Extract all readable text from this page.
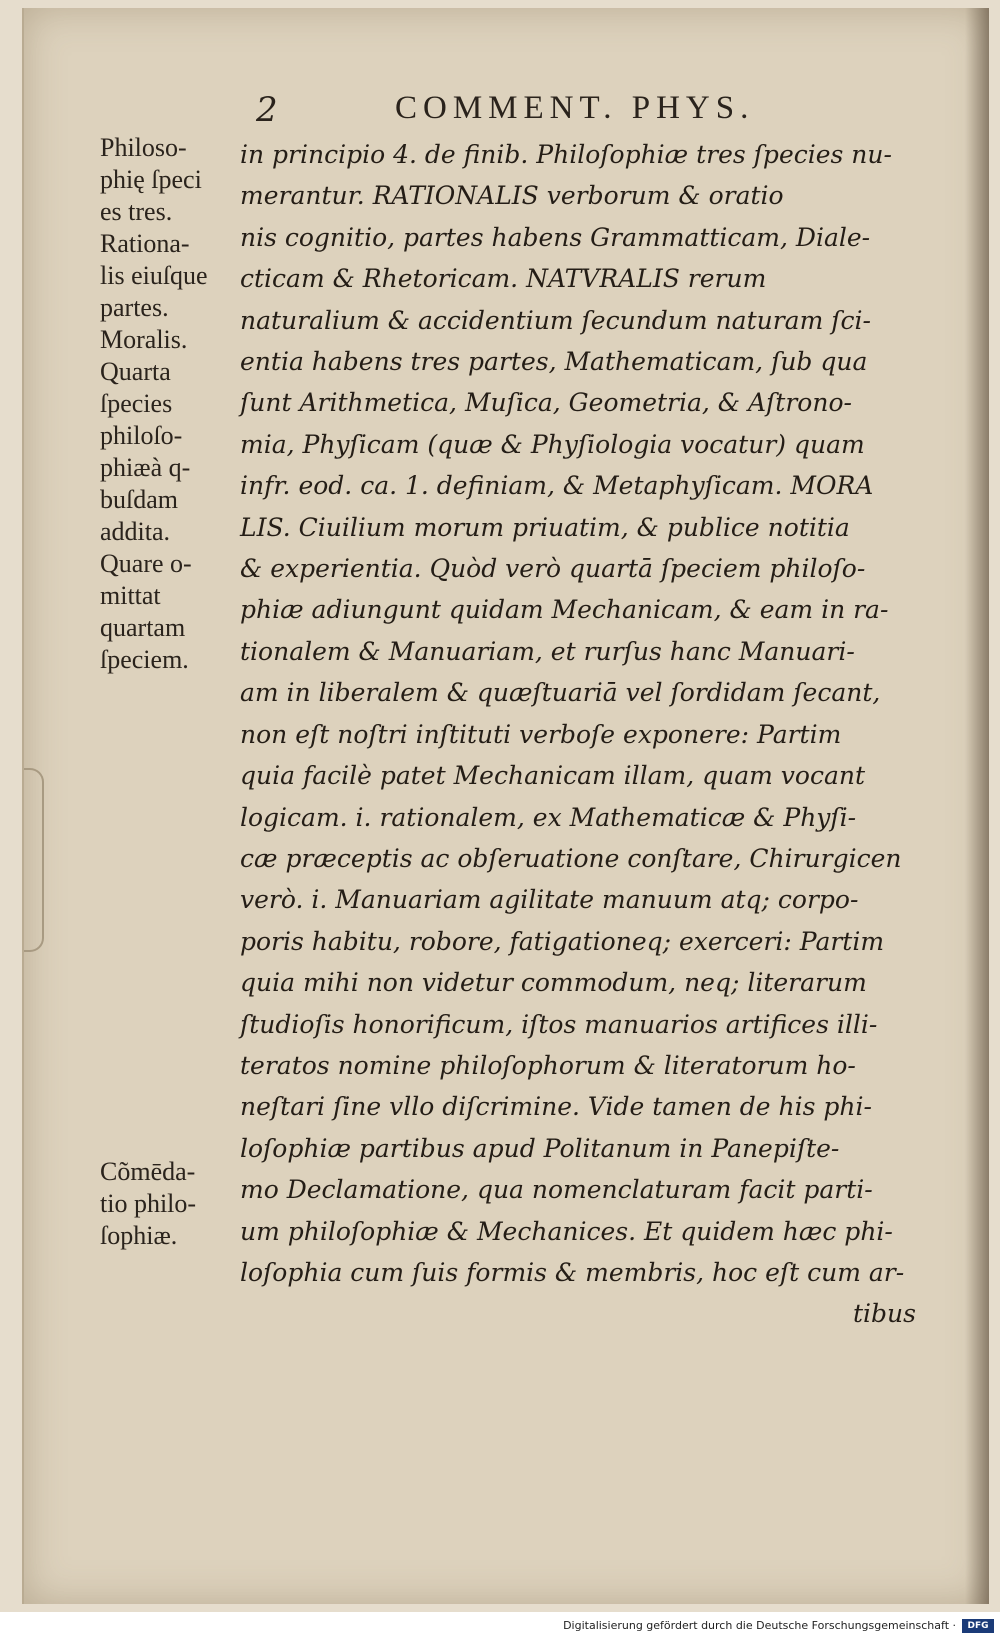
2	COMMENT. PHYS.
Philoso-
phię ſpeci
es tres.
Rationa-
lis eiuſque
partes.
Moralis.
Quarta
ſpecies
philoſo-
phiæà q-
buſdam
addita.
Quare o-
mittat
quartam
ſpeciem.
Cõmēda-
tio philo-
ſophiæ.
in principio 4. de finib. Philoſophiæ tres ſpecies nu-
merantur. RATIONALIS verborum & oratio
nis cognitio, partes habens Grammatticam, Diale-
cticam & Rhetoricam. NATVRALIS rerum
naturalium & accidentium ſecundum naturam ſci-
entia habens tres partes, Mathematicam, ſub qua
ſunt Arithmetica, Muſica, Geometria, & Aſtrono-
mia, Phyſicam (quæ & Phyſiologia vocatur) quam
infr. eod. ca. 1. definiam, & Metaphyſicam. MORA
LIS. Ciuilium morum priuatim, & publice notitia
& experientia. Quòd verò quartā ſpeciem philoſo-
phiæ adiungunt quidam Mechanicam, & eam in ra-
tionalem & Manuariam, et rurſus hanc Manuari-
am in liberalem & quæſtuariā vel ſordidam ſecant,
non eſt noſtri inſtituti verboſe exponere: Partim
quia facilè patet Mechanicam illam, quam vocant
logicam. i. rationalem, ex Mathematicæ & Phyſi-
cæ præceptis ac obſeruatione conſtare, Chirurgicen
verò. i. Manuariam agilitate manuum atq; corpo-
poris habitu, robore, fatigationeq; exerceri: Partim
quia mihi non videtur commodum, neq; literarum
ſtudioſis honorificum, iſtos manuarios artifices illi-
teratos nomine philoſophorum & literatorum ho-
neſtari ſine vllo diſcrimine. Vide tamen de his phi-
loſophiæ partibus apud Politanum in Panepiſte-
mo Declamatione, qua nomenclaturam facit parti-
um philoſophiæ & Mechanices. Et quidem hæc phi-
loſophia cum ſuis formis & membris, hoc eſt cum ar-
tibus
Digitalisierung gefördert durch die Deutsche Forschungsgemeinschaft ·	DFG
